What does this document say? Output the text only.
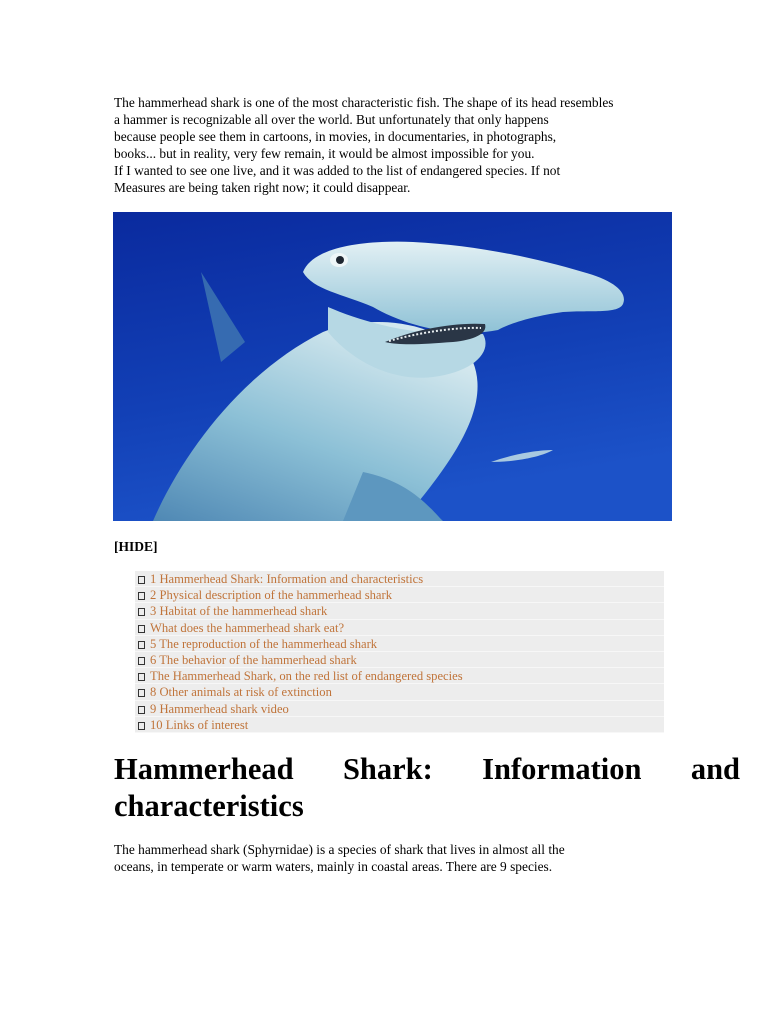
The hammerhead shark is one of the most characteristic fish. The shape of its head resembles
a hammer is recognizable all over the world. But unfortunately that only happens
because people see them in cartoons, in movies, in documentaries, in photographs,
books... but in reality, very few remain, it would be almost impossible for you.
If I wanted to see one live, and it was added to the list of endangered species. If not
Measures are being taken right now; it could disappear.
[HIDE]
1 Hammerhead Shark: Information and characteristics
2 Physical description of the hammerhead shark
3 Habitat of the hammerhead shark
What does the hammerhead shark eat?
5 The reproduction of the hammerhead shark
6 The behavior of the hammerhead shark
The Hammerhead Shark, on the red list of endangered species
8 Other animals at risk of extinction
9 Hammerhead shark video
10 Links of interest
Hammerhead Shark: Information and characteristics
The hammerhead shark (Sphyrnidae) is a species of shark that lives in almost all the
oceans, in temperate or warm waters, mainly in coastal areas. There are 9 species.
